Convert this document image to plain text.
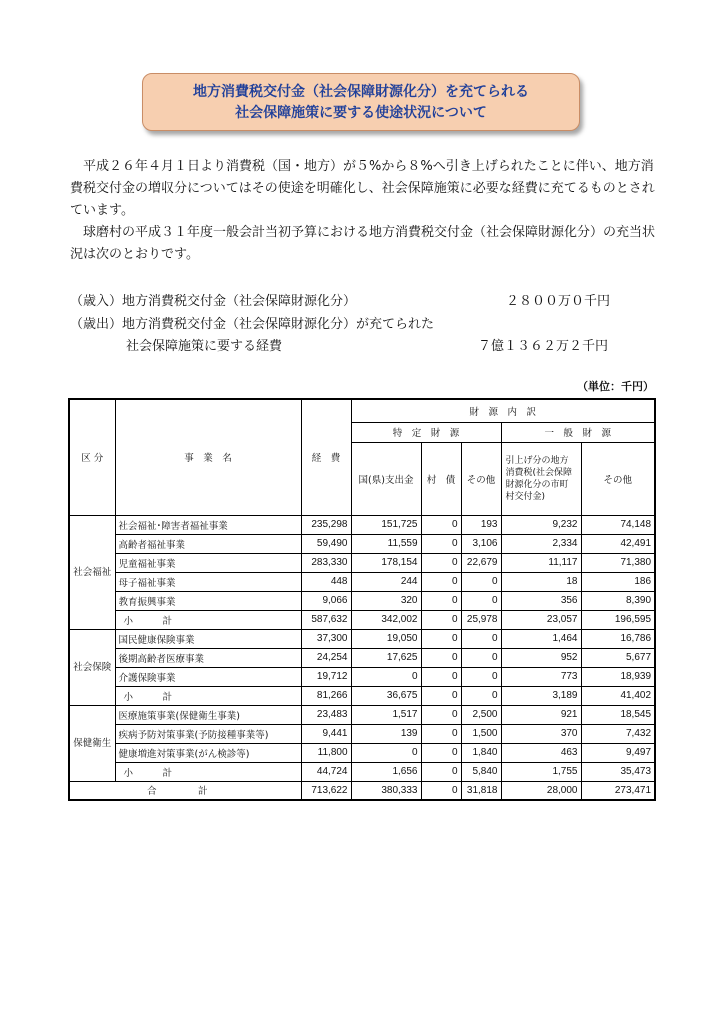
地方消費税交付金（社会保障財源化分）を充てられる
社会保障施策に要する使途状況について

　平成２６年４月１日より消費税（国・地方）が５%から８%へ引き上げられたことに伴い、地方消費税交付金の増収分についてはその使途を明確化し、社会保障施策に必要な経費に充てるものとされています。

　球磨村の平成３１年度一般会計当初予算における地方消費税交付金（社会保障財源化分）の充当状況は次のとおりです。

（歳入）地方消費税交付金（社会保障財源化分）	２８００万０千円
（歳出）地方消費税交付金（社会保障財源化分）が充てられた
社会保障施策に要する経費	７億１３６２万２千円
（単位：千円）
区 分	事　業　名	経　費	財　源　内　訳				
			特　定　財　源			一　般　財　源	
			国(県)支出金	村　債	その他	引上げ分の地方消費税(社会保障財源化分の市町村交付金)	その他
社会福祉	社会福祉･障害者福祉事業	235,298	151,725	0	193	9,232	74,148
	高齢者福祉事業	59,490	11,559	0	3,106	2,334	42,491
	児童福祉事業	283,330	178,154	0	22,679	11,117	71,380
	母子福祉事業	448	244	0	0	18	186
	教育振興事業	9,066	320	0	0	356	8,390
	小　計	587,632	342,002	0	25,978	23,057	196,595
社会保険	国民健康保険事業	37,300	19,050	0	0	1,464	16,786
	後期高齢者医療事業	24,254	17,625	0	0	952	5,677
	介護保険事業	19,712	0	0	0	773	18,939
	小　計	81,266	36,675	0	0	3,189	41,402
保健衛生	医療施策事業(保健衛生事業)	23,483	1,517	0	2,500	921	18,545
	疾病予防対策事業(予防接種事業等)	9,441	139	0	1,500	370	7,432
	健康増進対策事業(がん検診等)	11,800	0	0	1,840	463	9,497
	小　計	44,724	1,656	0	5,840	1,755	35,473
合　計		713,622	380,333	0	31,818	28,000	273,471
